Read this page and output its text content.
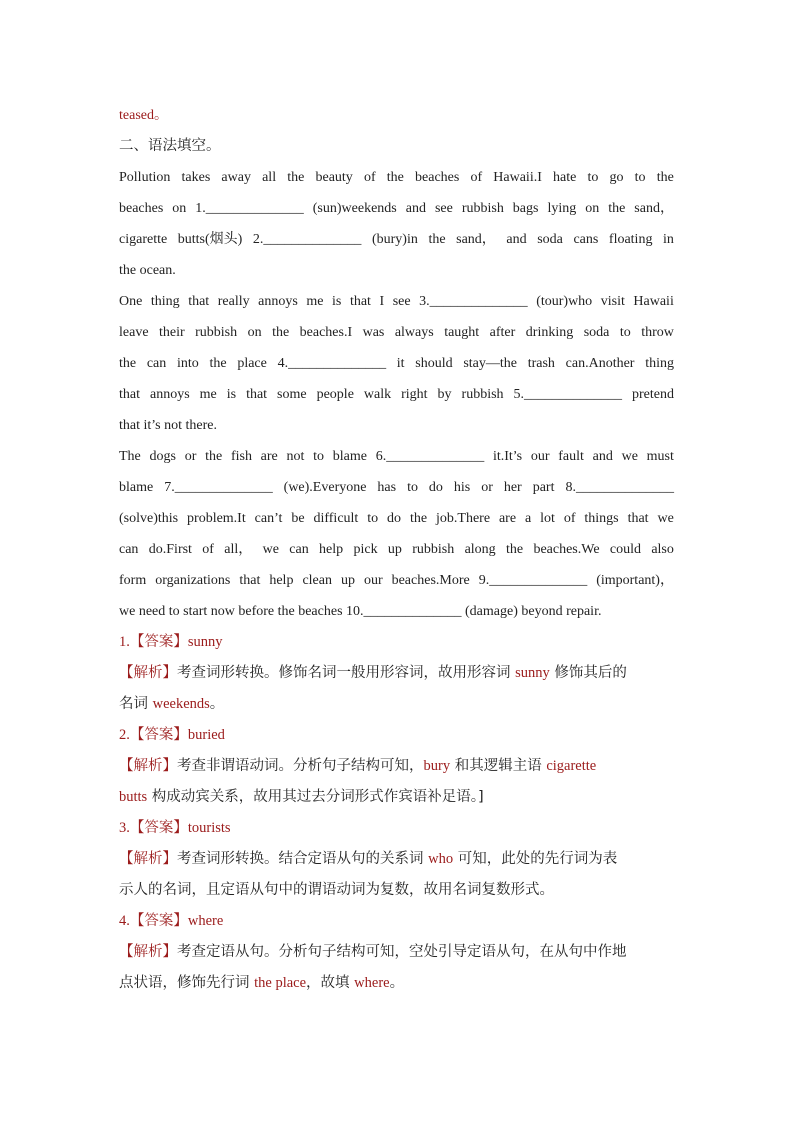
teased。
二、语法填空。
Pollution takes away all the beauty of the beaches of Hawaii.I hate to go to the
beaches on 1.______________ (sun)weekends and see rubbish bags lying on the sand，
cigarette butts(烟头) 2.______________ (bury)in the sand， and soda cans floating in
the ocean.
One thing that really annoys me is that I see 3.______________ (tour)who visit Hawaii
leave their rubbish on the beaches.I was always taught after drinking soda to throw
the can into the place 4.______________ it should stay—the trash can.Another thing
that annoys me is that some people walk right by rubbish 5.______________ pretend
that it’s not there.
The dogs or the fish are not to blame 6.______________ it.It’s our fault and we must
blame 7.______________ (we).Everyone has to do his or her part 8.______________
(solve)this problem.It can’t be difficult to do the job.There are a lot of things that we
can do.First of all， we can help pick up rubbish along the beaches.We could also
form organizations that help clean up our beaches.More 9.______________ (important)，
we need to start now before the beaches 10.______________ (damage) beyond repair.
1.【答案】sunny
【解析】考查词形转换。修饰名词一般用形容词，故用形容词 sunny 修饰其后的
名词 weekends。
2.【答案】buried
【解析】考查非谓语动词。分析句子结构可知，bury 和其逻辑主语 cigarette
butts 构成动宾关系，故用其过去分词形式作宾语补足语。]
3.【答案】tourists
【解析】考查词形转换。结合定语从句的关系词 who 可知，此处的先行词为表
示人的名词，且定语从句中的谓语动词为复数，故用名词复数形式。
4.【答案】where
【解析】考查定语从句。分析句子结构可知，空处引导定语从句，在从句中作地
点状语，修饰先行词 the place，故填 where。
